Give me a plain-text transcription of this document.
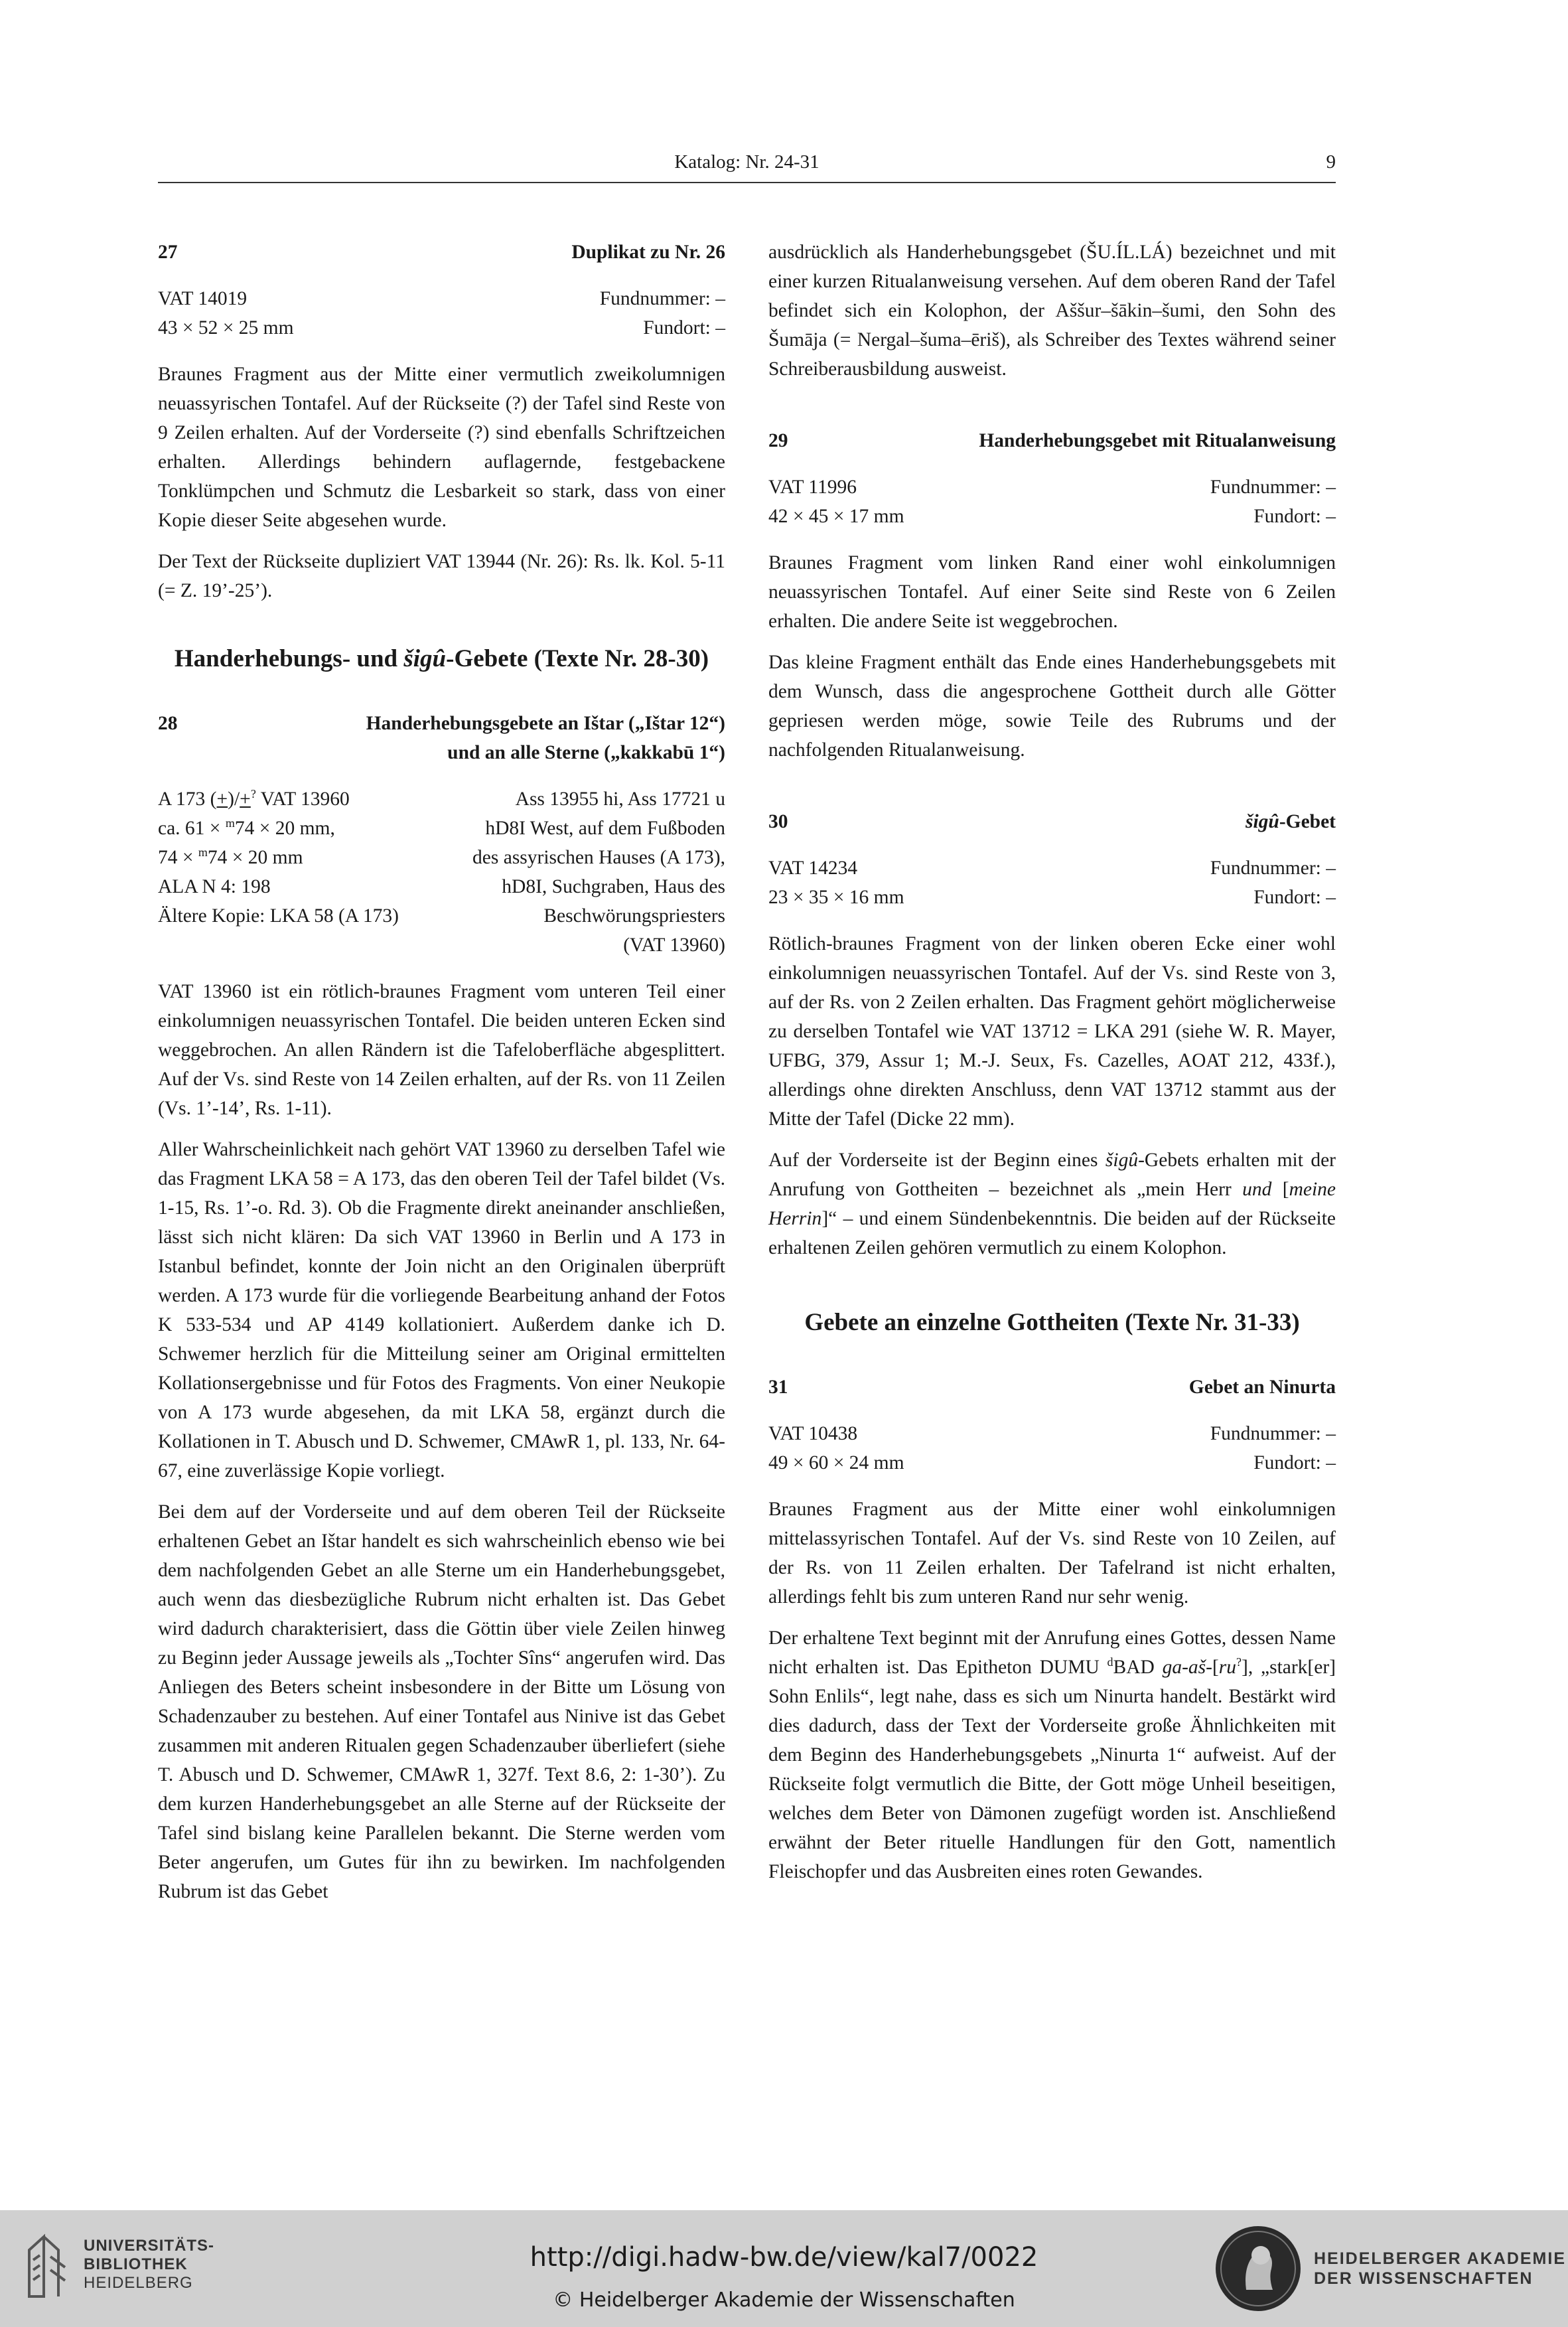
Katalog: Nr. 24-31	9
27	Duplikat zu Nr. 26
VAT 14019	Fundnummer: –
43 × 52 × 25 mm	Fundort: –

Braunes Fragment aus der Mitte einer vermutlich zweikolumnigen neuassyrischen Tontafel. Auf der Rückseite (?) der Tafel sind Reste von 9 Zeilen erhalten. Auf der Vorderseite (?) sind ebenfalls Schriftzeichen erhalten. Allerdings behindern auflagernde, festgebackene Tonklümpchen und Schmutz die Lesbarkeit so stark, dass von einer Kopie dieser Seite abgesehen wurde.

Der Text der Rückseite dupliziert VAT 13944 (Nr. 26): Rs. lk. Kol. 5-11 (= Z. 19’-25’).

Handerhebungs- und šigû-Gebete (Texte Nr. 28-30)
28	Handerhebungsgebete an Ištar („Ištar 12“)
und an alle Sterne („kakkabū 1“)
A 173 (+)/+? VAT 13960	Ass 13955 hi, Ass 17721 u
ca. 61 × $^m$74 × 20 mm,	hD8I West, auf dem Fußboden
74 × $^m$74 × 20 mm	des assyrischen Hauses (A 173),
ALA N 4: 198	hD8I, Suchgraben, Haus des
Ältere Kopie: LKA 58 (A 173)	Beschwörungspriesters
(VAT 13960)

VAT 13960 ist ein rötlich-braunes Fragment vom unteren Teil einer einkolumnigen neuassyrischen Tontafel. Die beiden unteren Ecken sind weggebrochen. An allen Rändern ist die Tafeloberfläche abgesplittert. Auf der Vs. sind Reste von 14 Zeilen erhalten, auf der Rs. von 11 Zeilen (Vs. 1’-14’, Rs. 1-11).

Aller Wahrscheinlichkeit nach gehört VAT 13960 zu derselben Tafel wie das Fragment LKA 58 = A 173, das den oberen Teil der Tafel bildet (Vs. 1-15, Rs. 1’-o. Rd. 3). Ob die Fragmente direkt aneinander anschließen, lässt sich nicht klären: Da sich VAT 13960 in Berlin und A 173 in Istanbul befindet, konnte der Join nicht an den Originalen überprüft werden. A 173 wurde für die vorliegende Bearbeitung anhand der Fotos K 533-534 und AP 4149 kollationiert. Außerdem danke ich D. Schwemer herzlich für die Mitteilung seiner am Original ermittelten Kollationsergebnisse und für Fotos des Fragments. Von einer Neukopie von A 173 wurde abgesehen, da mit LKA 58, ergänzt durch die Kollationen in T. Abusch und D. Schwemer, CMAwR 1, pl. 133, Nr. 64-67, eine zuverlässige Kopie vorliegt.

Bei dem auf der Vorderseite und auf dem oberen Teil der Rückseite erhaltenen Gebet an Ištar handelt es sich wahrscheinlich ebenso wie bei dem nachfolgenden Gebet an alle Sterne um ein Handerhebungsgebet, auch wenn das diesbezügliche Rubrum nicht erhalten ist. Das Gebet wird dadurch charakterisiert, dass die Göttin über viele Zeilen hinweg zu Beginn jeder Aussage jeweils als „Tochter Sîns“ angerufen wird. Das Anliegen des Beters scheint insbesondere in der Bitte um Lösung von Schadenzauber zu bestehen. Auf einer Tontafel aus Ninive ist das Gebet zusammen mit anderen Ritualen gegen Schadenzauber überliefert (siehe T. Abusch und D. Schwemer, CMAwR 1, 327f. Text 8.6, 2: 1-30’). Zu dem kurzen Handerhebungsgebet an alle Sterne auf der Rückseite der Tafel sind bislang keine Parallelen bekannt. Die Sterne werden vom Beter angerufen, um Gutes für ihn zu bewirken. Im nachfolgenden Rubrum ist das Gebet

ausdrücklich als Handerhebungsgebet (ŠU.ÍL.LÁ) bezeichnet und mit einer kurzen Ritualanweisung versehen. Auf dem oberen Rand der Tafel befindet sich ein Kolophon, der Aššur–šākin–šumi, den Sohn des Šumāja (= Nergal–šuma–ēriš), als Schreiber des Textes während seiner Schreiberausbildung ausweist.

29	Handerhebungsgebet mit Ritualanweisung
VAT 11996	Fundnummer: –
42 × 45 × 17 mm	Fundort: –

Braunes Fragment vom linken Rand einer wohl einkolumnigen neuassyrischen Tontafel. Auf einer Seite sind Reste von 6 Zeilen erhalten. Die andere Seite ist weggebrochen.

Das kleine Fragment enthält das Ende eines Handerhebungsgebets mit dem Wunsch, dass die angesprochene Gottheit durch alle Götter gepriesen werden möge, sowie Teile des Rubrums und der nachfolgenden Ritualanweisung.

30	šigû-Gebet
VAT 14234	Fundnummer: –
23 × 35 × 16 mm	Fundort: –

Rötlich-braunes Fragment von der linken oberen Ecke einer wohl einkolumnigen neuassyrischen Tontafel. Auf der Vs. sind Reste von 3, auf der Rs. von 2 Zeilen erhalten. Das Fragment gehört möglicherweise zu derselben Tontafel wie VAT 13712 = LKA 291 (siehe W. R. Mayer, UFBG, 379, Assur 1; M.-J. Seux, Fs. Cazelles, AOAT 212, 433f.), allerdings ohne direkten Anschluss, denn VAT 13712 stammt aus der Mitte der Tafel (Dicke 22 mm).

Auf der Vorderseite ist der Beginn eines šigû-Gebets erhalten mit der Anrufung von Gottheiten – bezeichnet als „mein Herr und [meine Herrin]“ – und einem Sündenbekenntnis. Die beiden auf der Rückseite erhaltenen Zeilen gehören vermutlich zu einem Kolophon.

Gebete an einzelne Gottheiten (Texte Nr. 31-33)
31	Gebet an Ninurta
VAT 10438	Fundnummer: –
49 × 60 × 24 mm	Fundort: –

Braunes Fragment aus der Mitte einer wohl einkolumnigen mittelassyrischen Tontafel. Auf der Vs. sind Reste von 10 Zeilen, auf der Rs. von 11 Zeilen erhalten. Der Tafelrand ist nicht erhalten, allerdings fehlt bis zum unteren Rand nur sehr wenig.

Der erhaltene Text beginnt mit der Anrufung eines Gottes, dessen Name nicht erhalten ist. Das Epitheton DUMU $^d$BAD ga-aš-[ru?], „stark[er] Sohn Enlils“, legt nahe, dass es sich um Ninurta handelt. Bestärkt wird dies dadurch, dass der Text der Vorderseite große Ähnlichkeiten mit dem Beginn des Handerhebungsgebets „Ninurta 1“ aufweist. Auf der Rückseite folgt vermutlich die Bitte, der Gott möge Unheil beseitigen, welches dem Beter von Dämonen zugefügt worden ist. Anschließend erwähnt der Beter rituelle Handlungen für den Gott, namentlich Fleischopfer und das Ausbreiten eines roten Gewandes.

UNIVERSITÄTS-
BIBLIOTHEK
HEIDELBERG
http://digi.hadw-bw.de/view/kal7/0022
© Heidelberger Akademie der Wissenschaften
HEIDELBERGER AKADEMIE
DER WISSENSCHAFTEN
